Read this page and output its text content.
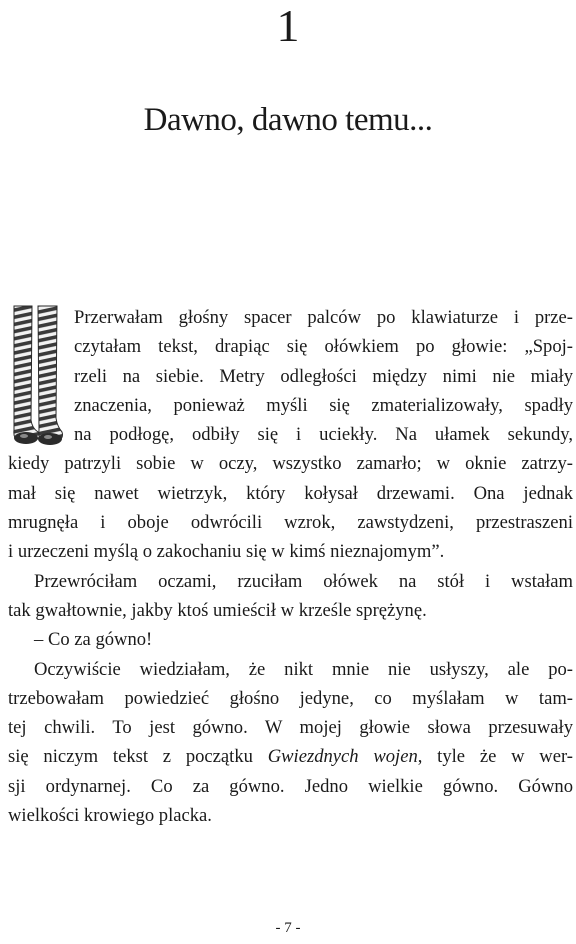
1
Dawno, dawno temu...
Przerwałam głośny spacer palców po klawiaturze i prze-
czytałam tekst, drapiąc się ołówkiem po głowie: „Spoj-
rzeli na siebie. Metry odległości między nimi nie miały
znaczenia, ponieważ myśli się zmaterializowały, spadły
na podłogę, odbiły się i uciekły. Na ułamek sekundy,
kiedy patrzyli sobie w oczy, wszystko zamarło; w oknie zatrzy-
mał się nawet wietrzyk, który kołysał drzewami. Ona jednak
mrugnęła i oboje odwrócili wzrok, zawstydzeni, przestraszeni
i urzeczeni myślą o zakochaniu się w kimś nieznajomym”.
Przewróciłam oczami, rzuciłam ołówek na stół i wstałam
tak gwałtownie, jakby ktoś umieścił w krześle sprężynę.
– Co za gówno!
Oczywiście wiedziałam, że nikt mnie nie usłyszy, ale po-
trzebowałam powiedzieć głośno jedyne, co myślałam w tam-
tej chwili. To jest gówno. W mojej głowie słowa przesuwały
się niczym tekst z początku Gwiezdnych wojen, tyle że w wer-
sji ordynarnej. Co za gówno. Jedno wielkie gówno. Gówno
wielkości krowiego placka.
- 7 -
